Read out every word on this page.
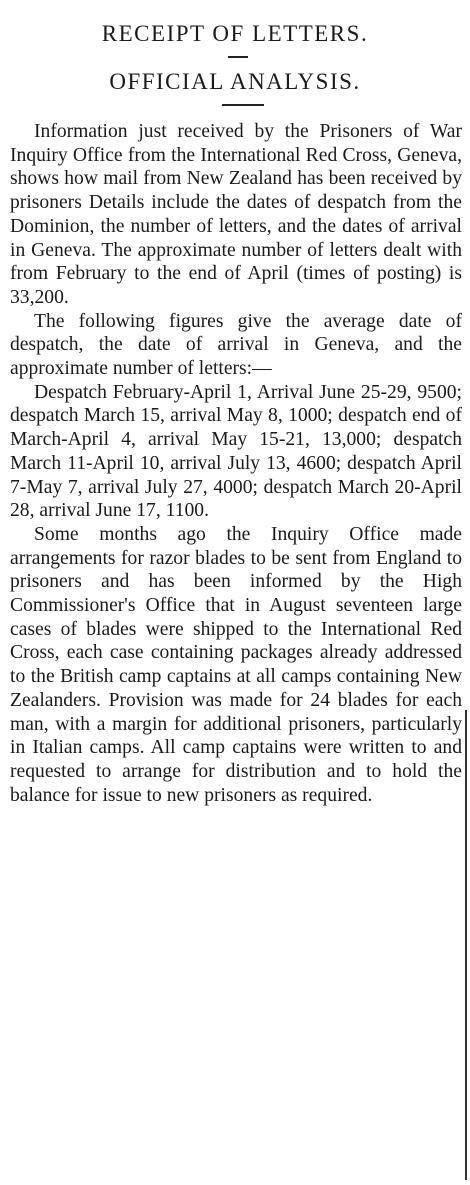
RECEIPT OF LETTERS.
OFFICIAL ANALYSIS.

Information just received by the Prisoners of War Inquiry Office from the International Red Cross, Geneva, shows how mail from New Zealand has been received by prisoners Details include the dates of despatch from the Dominion, the number of letters, and the dates of arrival in Geneva. The approximate number of letters dealt with from February to the end of April (times of posting) is 33,200.

The following figures give the average date of despatch, the date of arrival in Geneva, and the approximate number of letters:—

Despatch February-April 1, Arrival June 25-29, 9500; despatch March 15, arrival May 8, 1000; despatch end of March-April 4, arrival May 15-21, 13,000; despatch March 11-April 10, arrival July 13, 4600; despatch April 7-May 7, arrival July 27, 4000; despatch March 20-April 28, arrival June 17, 1100.

Some months ago the Inquiry Office made arrangements for razor blades to be sent from England to prisoners and has been informed by the High Commissioner's Office that in August seventeen large cases of blades were shipped to the International Red Cross, each case containing packages already addressed to the British camp captains at all camps containing New Zealanders. Provision was made for 24 blades for each man, with a margin for additional prisoners, particularly in Italian camps. All camp captains were written to and requested to arrange for distribution and to hold the balance for issue to new prisoners as required.
